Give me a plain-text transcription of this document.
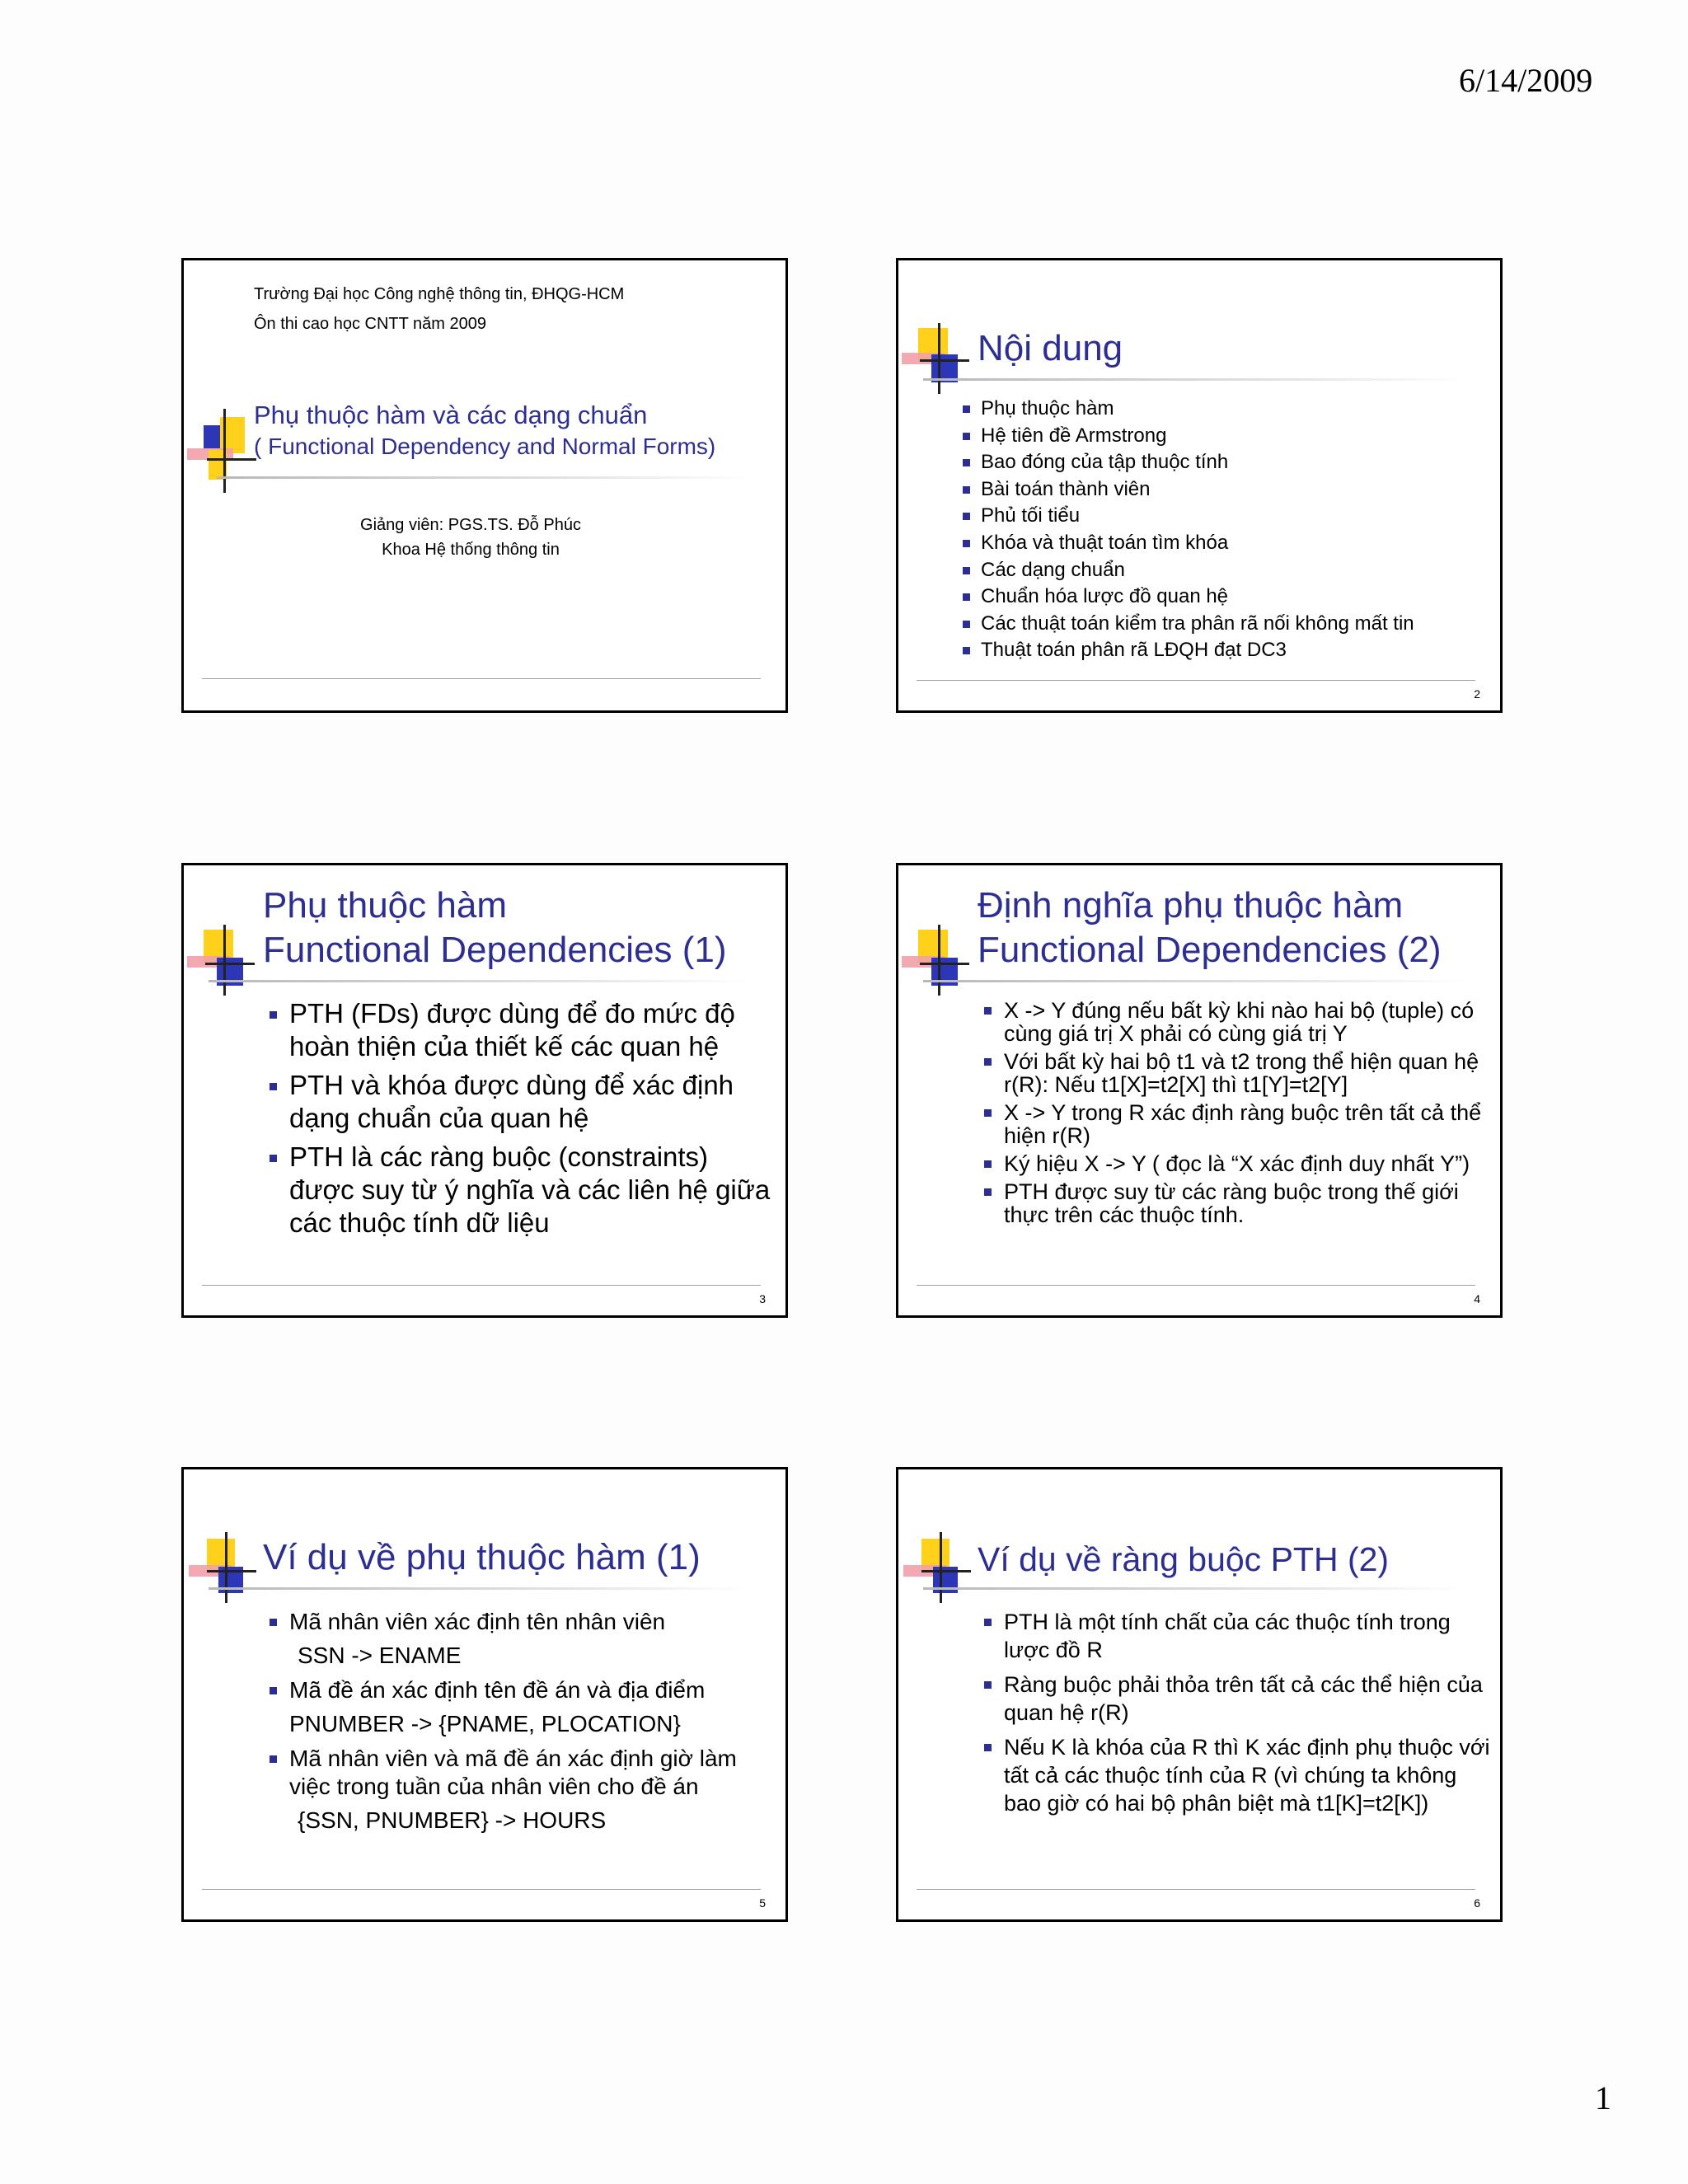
6/14/2009
Trường Đại học Công nghệ thông tin, ĐHQG-HCM
Ôn thi cao học CNTT năm 2009
Phụ thuộc hàm và các dạng chuẩn
( Functional Dependency and Normal Forms)
Giảng viên: PGS.TS. Đỗ Phúc
Khoa Hệ thống thông tin
Nội dung
Phụ thuộc hàm
Hệ tiên đề Armstrong
Bao đóng của tập thuộc tính
Bài toán thành viên
Phủ tối tiểu
Khóa và thuật toán tìm khóa
Các dạng chuẩn
Chuẩn hóa lược đồ quan hệ
Các thuật toán kiểm tra phân rã nối không mất tin
Thuật toán phân rã LĐQH đạt DC3
2
Phụ thuộc hàm
Functional Dependencies (1)
PTH (FDs) được dùng để đo mức độ hoàn thiện của thiết kế các quan hệ
PTH và khóa được dùng để xác định dạng chuẩn của quan hệ
PTH là các ràng buộc (constraints) được suy từ ý nghĩa và các liên hệ giữa các thuộc tính dữ liệu
3
Định nghĩa phụ thuộc hàm
Functional Dependencies (2)
X -> Y đúng nếu bất kỳ khi nào hai bộ (tuple) có cùng giá trị X phải có cùng giá trị Y
Với bất kỳ hai bộ t1 và t2 trong thể hiện quan hệ r(R): Nếu t1[X]=t2[X] thì t1[Y]=t2[Y]
X -> Y trong R xác định ràng buộc trên tất cả thể hiện r(R)
Ký hiệu X -> Y ( đọc là “X xác định duy nhất Y”)
PTH được suy từ các ràng buộc trong thế giới thực trên các thuộc tính.
4
Ví dụ về phụ thuộc hàm (1)
Mã nhân viên xác định tên nhân viên
SSN -> ENAME
Mã đề án xác định tên đề án và địa điểm
PNUMBER -> {PNAME, PLOCATION}
Mã nhân viên và mã đề án xác định giờ làm việc trong tuần của nhân viên cho đề án
{SSN, PNUMBER} -> HOURS
5
Ví dụ về ràng buộc PTH (2)
PTH là một tính chất của các thuộc tính trong lược đồ R
Ràng buộc phải thỏa trên tất cả các thể hiện của quan hệ r(R)
Nếu K là khóa của R thì K xác định phụ thuộc với tất cả các thuộc tính của R (vì chúng ta không bao giờ có hai bộ phân biệt mà t1[K]=t2[K])
6
1
